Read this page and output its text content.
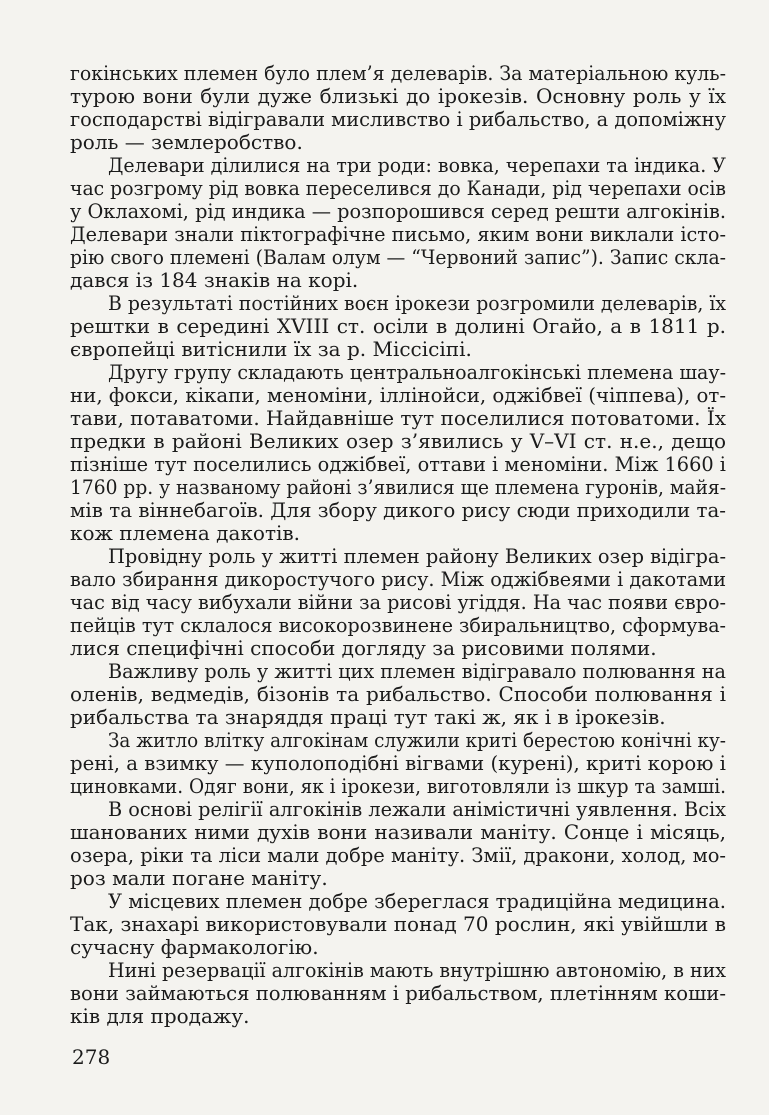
гокінських племен було плем’я делеварів. За матеріальною куль-
турою вони були дуже близькі до ірокезів. Основну роль у їх
господарстві відігравали мисливство і рибальство, а допоміжну
роль — землеробство.
Делевари ділилися на три роди: вовка, черепахи та індика. У
час розгрому рід вовка переселився до Канади, рід черепахи осів
у Оклахомі, рід индика — розпорошився серед решти алгокінів.
Делевари знали піктографічне письмо, яким вони виклали істо-
рію свого племені (Валам олум — “Червоний запис”). Запис скла-
дався із 184 знаків на корі.
В результаті постійних воєн ірокези розгромили делеварів, їх
рештки в середині XVIII ст. осіли в долині Огайо, а в 1811 р.
європейці витіснили їх за р. Міссісіпі.
Другу групу складають центральноалгокінські племена шау-
ни, фокси, кікапи, меноміни, іллінойси, оджібвеї (чіппева), от-
тави, потаватоми. Найдавніше тут поселилися потоватоми. Їх
предки в районі Великих озер з’явились у V–VI ст. н.е., дещо
пізніше тут поселились оджібвеї, оттави і меноміни. Між 1660 і
1760 рр. у названому районі з’явилися ще племена гуронів, майя-
мів та віннебагоїв. Для збору дикого рису сюди приходили та-
кож племена дакотів.
Провідну роль у житті племен району Великих озер відігра-
вало збирання дикоростучого рису. Між оджібвеями і дакотами
час від часу вибухали війни за рисові угіддя. На час появи євро-
пейців тут склалося високорозвинене збиральництво, сформува-
лися специфічні способи догляду за рисовими полями.
Важливу роль у житті цих племен відігравало полювання на
оленів, ведмедів, бізонів та рибальство. Способи полювання і
рибальства та знаряддя праці тут такі ж, як і в ірокезів.
За житло влітку алгокінам служили криті берестою конічні ку-
рені, а взимку — куполоподібні вігвами (курені), криті корою і
циновками. Одяг вони, як і ірокези, виготовляли із шкур та замші.
В основі релігії алгокінів лежали анімістичні уявлення. Всіх
шанованих ними духів вони називали маніту. Сонце і місяць,
озера, ріки та ліси мали добре маніту. Змії, дракони, холод, мо-
роз мали погане маніту.
У місцевих племен добре збереглася традиційна медицина.
Так, знахарі використовували понад 70 рослин, які увійшли в
сучасну фармакологію.
Нині резервації алгокінів мають внутрішню автономію, в них
вони займаються полюванням і рибальством, плетінням коши-
ків для продажу.
278
